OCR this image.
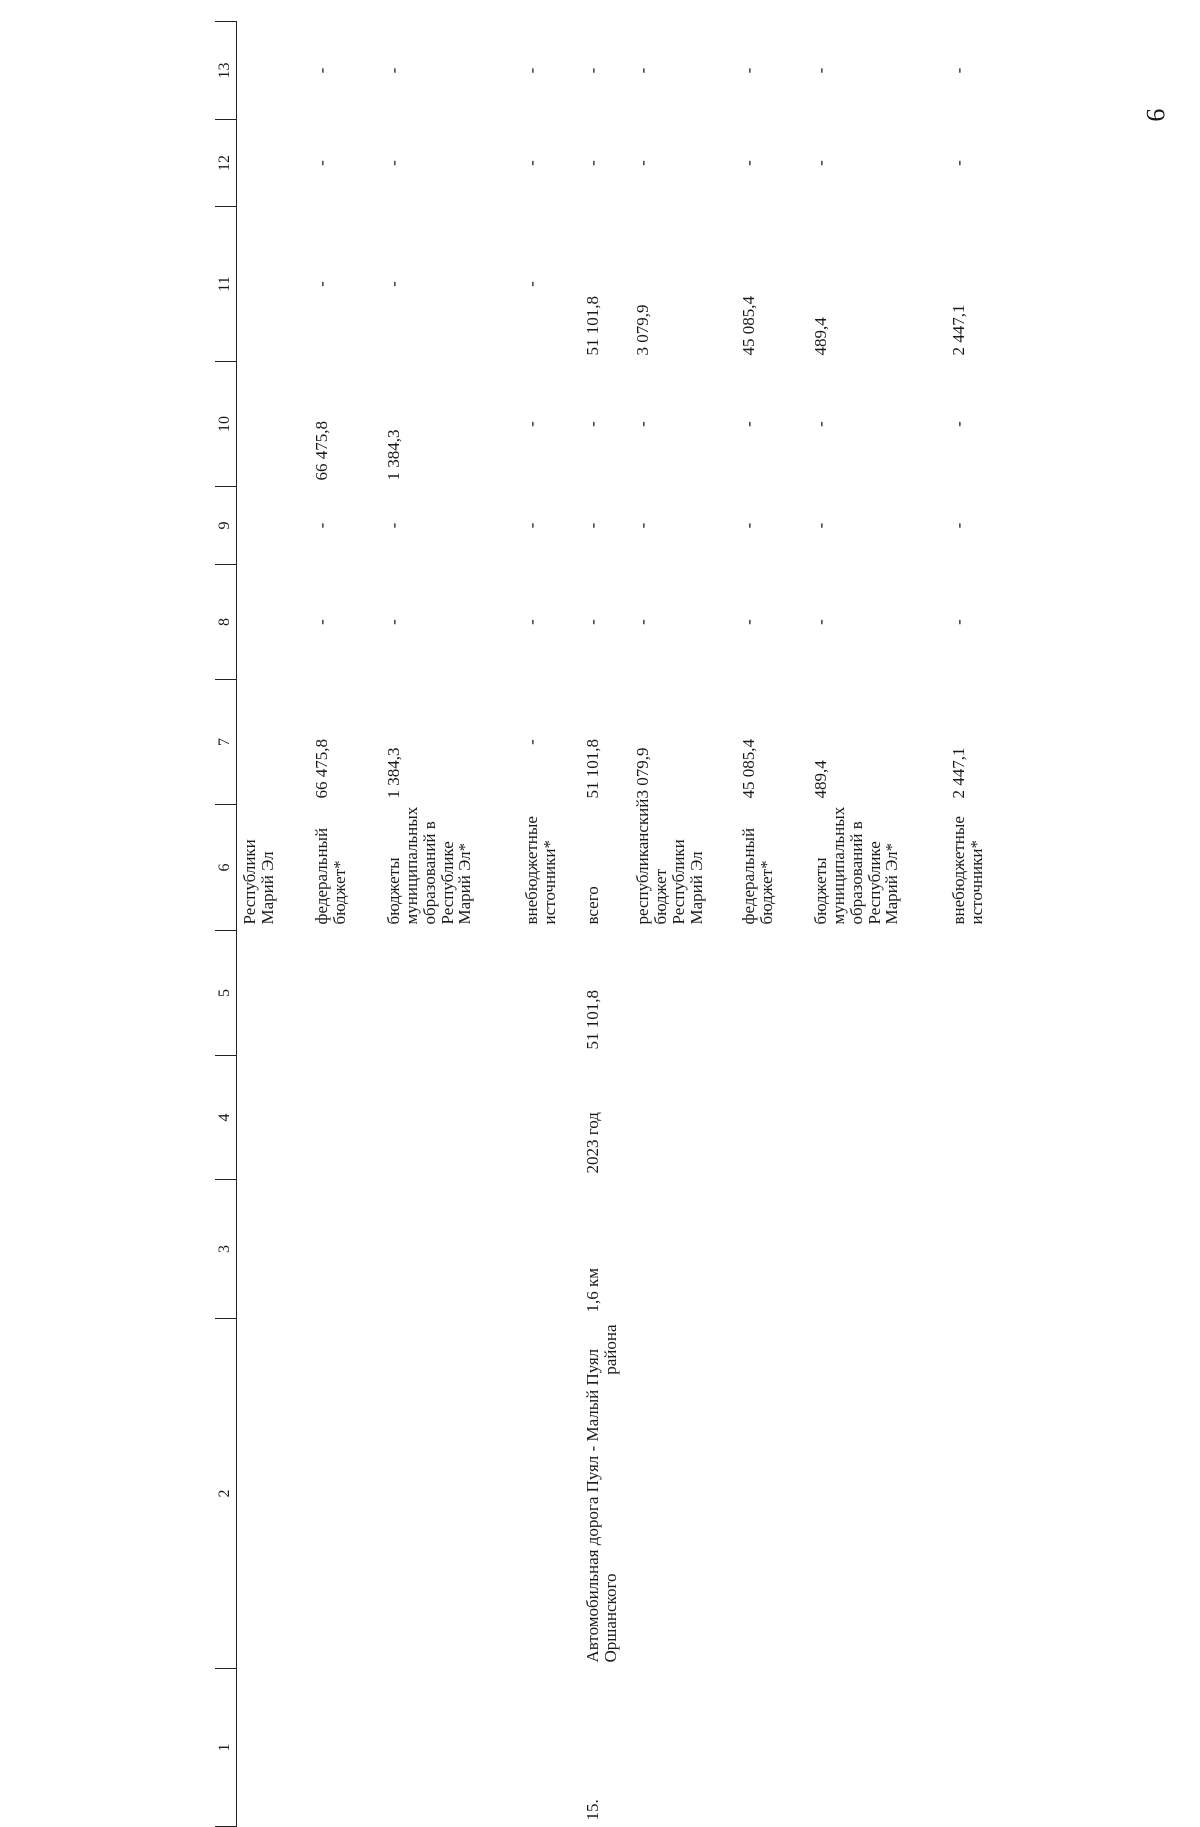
9
1	2	3	4	5	6	7	8	9	10	11	12	13
					Республики Марий Эл							
					федеральный бюджет*	66 475,8	-	-	66 475,8	-	-	-
					бюджеты муниципальных образований в Республике Марий Эл*	1 384,3	-	-	1 384,3	-	-	-
					внебюджетные источники*	-	-	-	-	-	-	-
15.	Автомобильная дорога Пуял - Малый Пуял Оршанского района	1,6 км	2023 год	51 101,8	всего	51 101,8	-	-	-	51 101,8	-	-
					республиканский бюджет Республики Марий Эл	3 079,9	-	-	-	3 079,9	-	-
					федеральный бюджет*	45 085,4	-	-	-	45 085,4	-	-
					бюджеты муниципальных образований в Республике Марий Эл*	489,4	-	-	-	489,4	-	-
					внебюджетные источники*	2 447,1	-	-	-	2 447,1	-	-
